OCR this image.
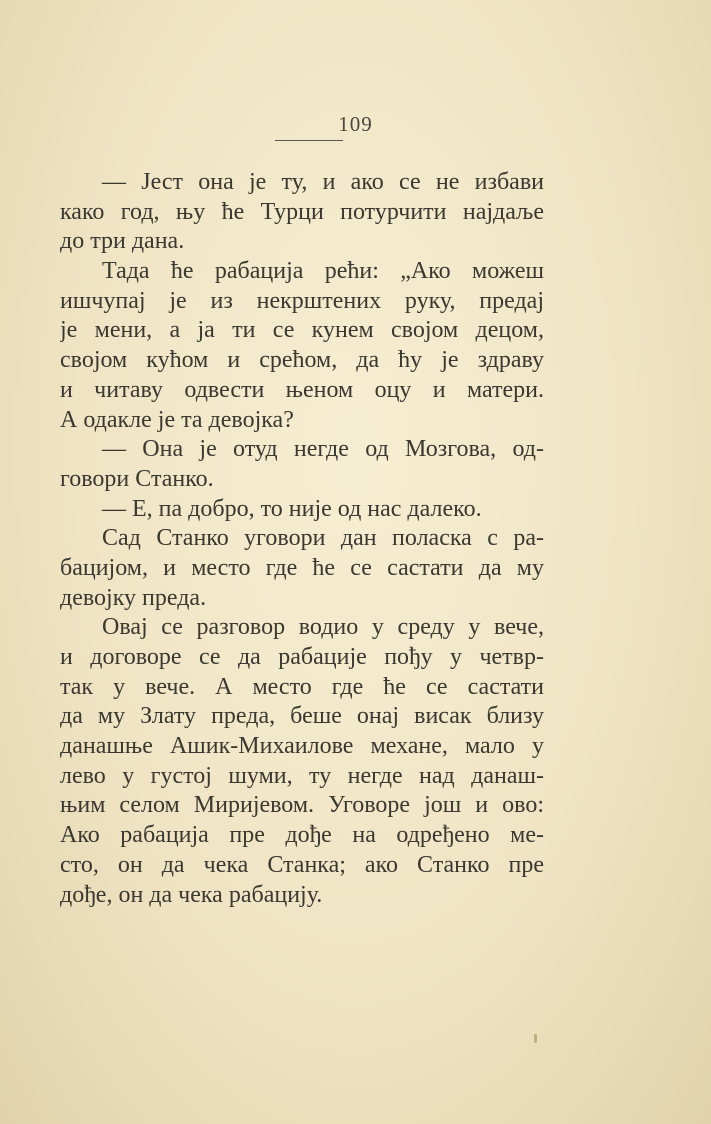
109
— Јест она је ту, и ако се не избави
како год, њу ће Турци потурчити најдаље
до три дана.
Тада ће рабација рећи: „Ако можеш
ишчупај је из некрштених руку, предај
је мени, а ја ти се кунем својом децом,
својом кућом и срећом, да ћу је здраву
и читаву одвести њеном оцу и матери.
А одакле је та девојка?
— Она је отуд негде од Мозгова, од-
говори Станко.
— Е, па добро, то није од нас далеко.
Сад Станко уговори дан поласка с ра-
бацијом, и место где ће се састати да му
девојку преда.
Овај се разговор водио у среду у вече,
и договоре се да рабације пођу у четвр-
так у вече. А место где ће се састати
да му Злату преда, беше онај висак близу
данашње Ашик-Михаилове механе, мало у
лево у густој шуми, ту негде над данаш-
њим селом Миријевом. Уговоре још и ово:
Ако рабација пре дође на одређено ме-
сто, он да чека Станка; ако Станко пре
дође, он да чека рабацију.
